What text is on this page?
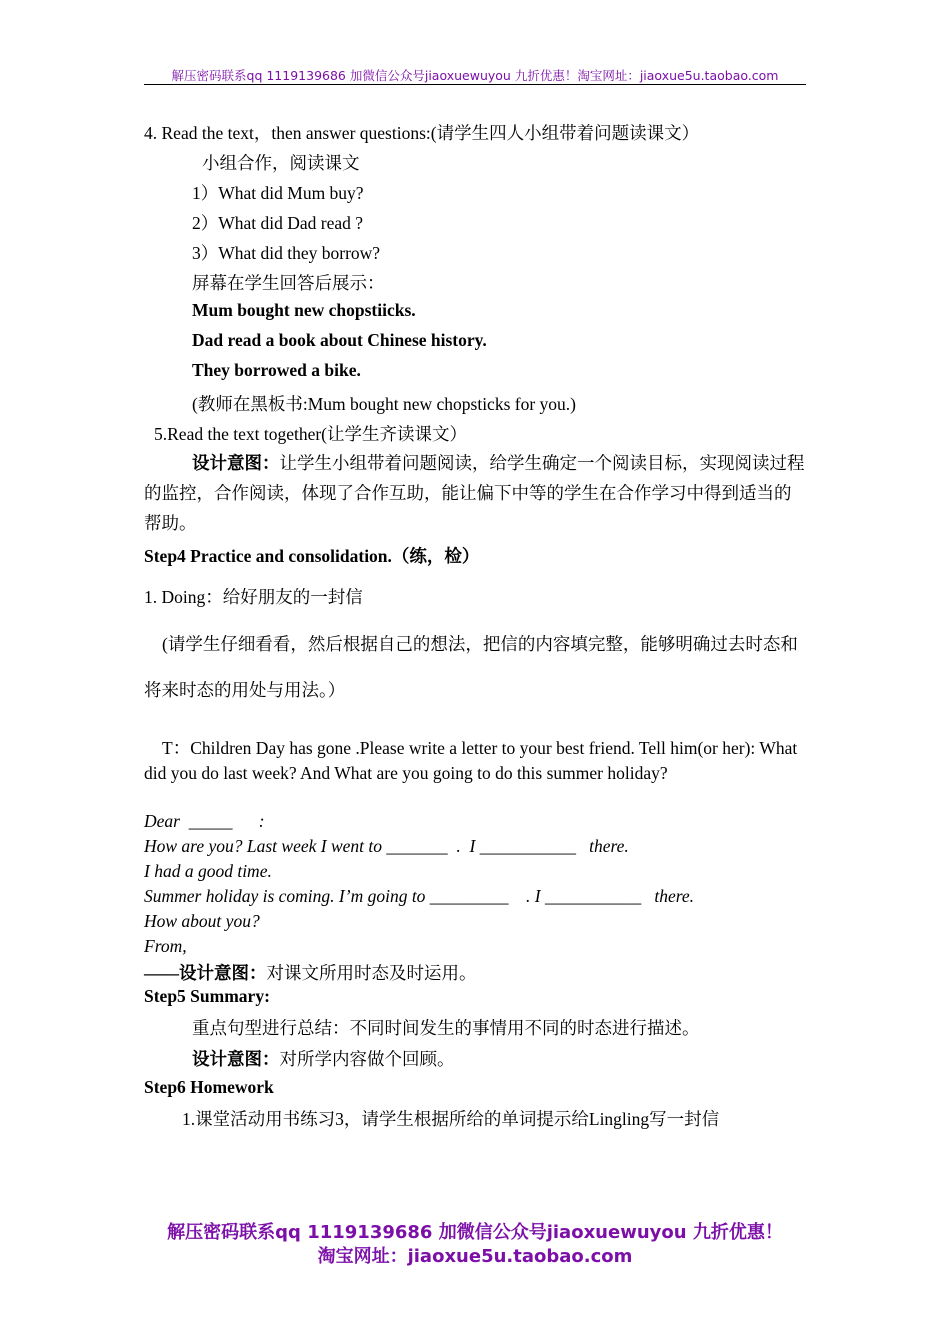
解压密码联系qq 1119139686 加微信公众号jiaoxuewuyou 九折优惠！淘宝网址：jiaoxue5u.taobao.com
4. Read the text，then answer questions:(请学生四人小组带着问题读课文）
小组合作，阅读课文
1）What did Mum buy?
2）What did Dad read ?
3）What did they borrow?
屏幕在学生回答后展示：
Mum bought new chopstiicks.
Dad read a book about Chinese history.
They borrowed a bike.
(教师在黑板书:Mum bought new chopsticks for you.)
5.Read the text together(让学生齐读课文）
设计意图：让学生小组带着问题阅读，给学生确定一个阅读目标，实现阅读过程的监控，合作阅读，体现了合作互助，能让偏下中等的学生在合作学习中得到适当的帮助。
Step4 Practice and consolidation.（练，检）
1. Doing：给好朋友的一封信
(请学生仔细看看，然后根据自己的想法，把信的内容填完整，能够明确过去时态和将来时态的用处与用法。）
T：Children Day has gone .Please write a letter to your best friend. Tell him(or her): What did you do last week? And What are you going to do this summer holiday?
Dear  _____      :
How are you? Last week I went to _______  .  I ___________   there.
I had a good time.
Summer holiday is coming. I’m going to _________    . I ___________   there.
How about you?
From,
——设计意图：对课文所用时态及时运用。
Step5 Summary:
重点句型进行总结：不同时间发生的事情用不同的时态进行描述。
设计意图：对所学内容做个回顾。
Step6 Homework
1.课堂活动用书练习3，请学生根据所给的单词提示给Lingling写一封信
解压密码联系qq 1119139686 加微信公众号jiaoxuewuyou 九折优惠！
淘宝网址：jiaoxue5u.taobao.com
